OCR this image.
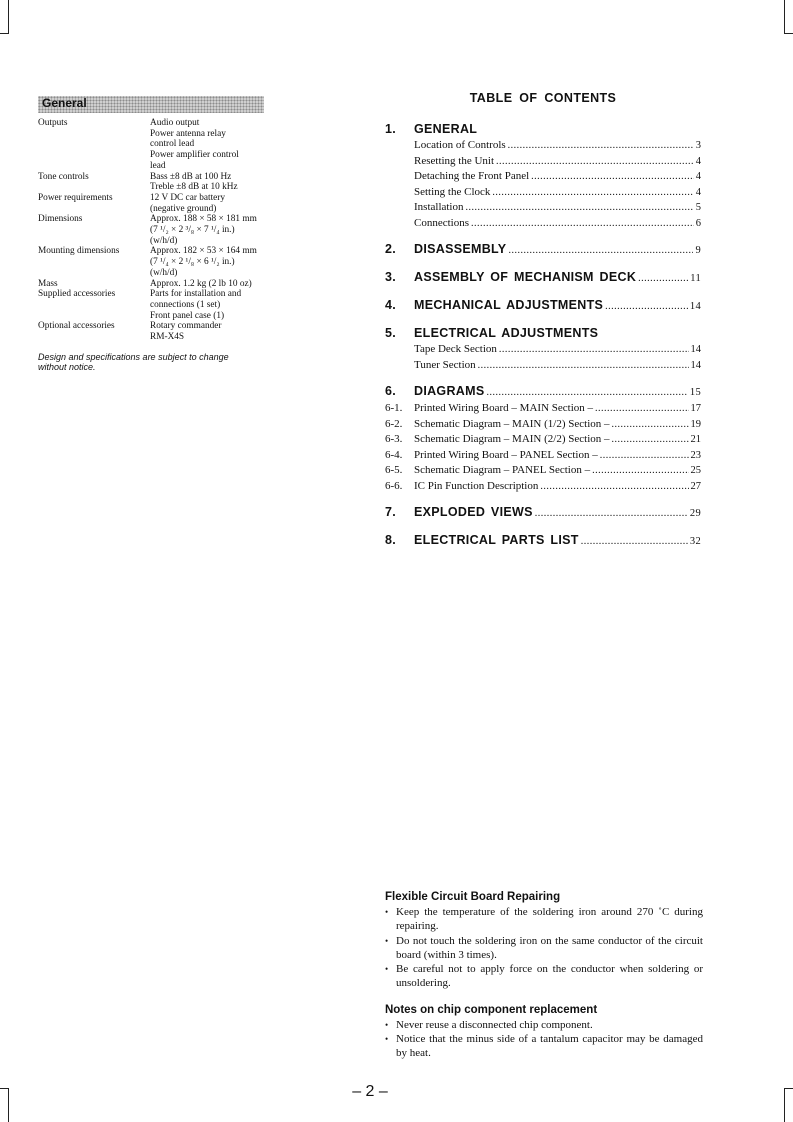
General
Outputs	Audio output
Power antenna relay
control lead
Power amplifier control
lead
Tone controls	Bass ±8 dB at 100 Hz
Treble ±8 dB at 10 kHz
Power requirements	12 V DC car battery
(negative ground)
Dimensions	Approx. 188 × 58 × 181 mm
(7 ¹/₂ × 2 ³/₈ × 7 ¹/₄ in.)
(w/h/d)
Mounting dimensions	Approx. 182 × 53 × 164 mm
(7 ¹/₄ × 2 ¹/₈ × 6 ¹/₂ in.)
(w/h/d)
Mass	Approx. 1.2 kg (2 lb 10 oz)
Supplied accessories	Parts for installation and
connections (1 set)
Front panel case (1)
Optional accessories	Rotary commander
RM-X4S
Design and specifications are subject to change
without notice.
TABLE OF CONTENTS
1.	GENERAL
Location of Controls .....	3
Resetting the Unit .....	4
Detaching the Front Panel .....	4
Setting the Clock .....	4
Installation .....	5
Connections .....	6
2.	DISASSEMBLY .....	9
3.	ASSEMBLY OF MECHANISM DECK .....	11
4.	MECHANICAL ADJUSTMENTS .....	14
5.	ELECTRICAL ADJUSTMENTS
Tape Deck Section .....	14
Tuner Section .....	14
6.	DIAGRAMS .....	15
6-1.	Printed Wiring Board – MAIN Section – .....	17
6-2.	Schematic Diagram – MAIN (1/2) Section – .....	19
6-3.	Schematic Diagram – MAIN (2/2) Section – .....	21
6-4.	Printed Wiring Board – PANEL Section – .....	23
6-5.	Schematic Diagram – PANEL Section – .....	25
6-6.	IC Pin Function Description .....	27
7.	EXPLODED VIEWS .....	29
8.	ELECTRICAL PARTS LIST .....	32
Flexible Circuit Board Repairing
• Keep the temperature of the soldering iron around 270 ˚C during repairing.
• Do not touch the soldering iron on the same conductor of the circuit board (within 3 times).
• Be careful not to apply force on the conductor when soldering or unsoldering.
Notes on chip component replacement
• Never reuse a disconnected chip component.
• Notice that the minus side of a tantalum capacitor may be damaged by heat.
– 2 –
